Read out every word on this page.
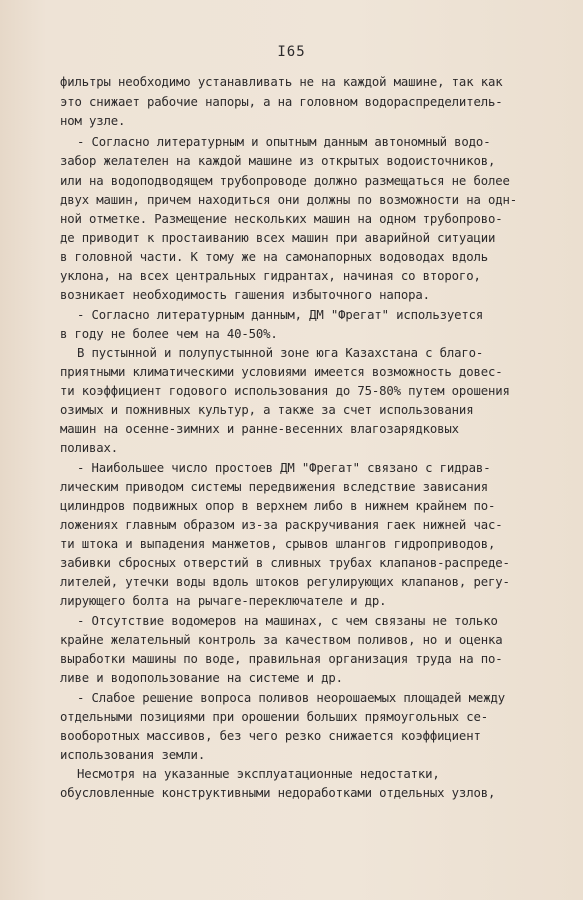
I65
фильтры необходимо устанавливать не на каждой машине, так как
это снижает рабочие напоры, а на головном водораспределитель-
ном узле.
- Согласно литературным и опытным данным автономный водо-
забор желателен на каждой машине из открытых водоисточников,
или на водоподводящем трубопроводе должно размещаться не более
двух машин, причем находиться они должны по возможности на одн-
ной отметке. Размещение нескольких машин на одном трубопрово-
де приводит к простаиванию всех машин при аварийной ситуации
в головной части. К тому же на самонапорных водоводах вдоль
уклона, на всех центральных гидрантах, начиная со второго,
возникает необходимость гашения избыточного напора.
- Согласно литературным данным, ДМ "Фрегат" используется
в году не более чем на 40-50%.
В пустынной и полупустынной зоне юга Казахстана с благо-
приятными климатическими условиями имеется возможность довес-
ти коэффициент годового использования до 75-80% путем орошения
озимых и пожнивных культур, а также за счет использования
машин на осенне-зимних и ранне-весенних влагозарядковых
поливах.
- Наибольшее число простоев ДМ "Фрегат" связано с гидрав-
лическим приводом системы передвижения вследствие зависания
цилиндров подвижных опор в верхнем либо в нижнем крайнем по-
ложениях главным образом из-за раскручивания гаек нижней час-
ти штока и выпадения манжетов, срывов шлангов гидроприводов,
забивки сбросных отверстий в сливных трубах клапанов-распреде-
лителей, утечки воды вдоль штоков регулирующих клапанов, регу-
лирующего болта на рычаге-переключателе и др.
- Отсутствие водомеров на машинах, с чем связаны не только
крайне желательный контроль за качеством поливов, но и оценка
выработки машины по воде, правильная организация труда на по-
ливе и водопользование на системе и др.
- Слабое решение вопроса поливов неорошаемых площадей между
отдельными позициями при орошении больших прямоугольных се-
вооборотных массивов, без чего резко снижается коэффициент
использования земли.
Несмотря на указанные эксплуатационные недостатки,
обусловленные конструктивными недоработками отдельных узлов,
